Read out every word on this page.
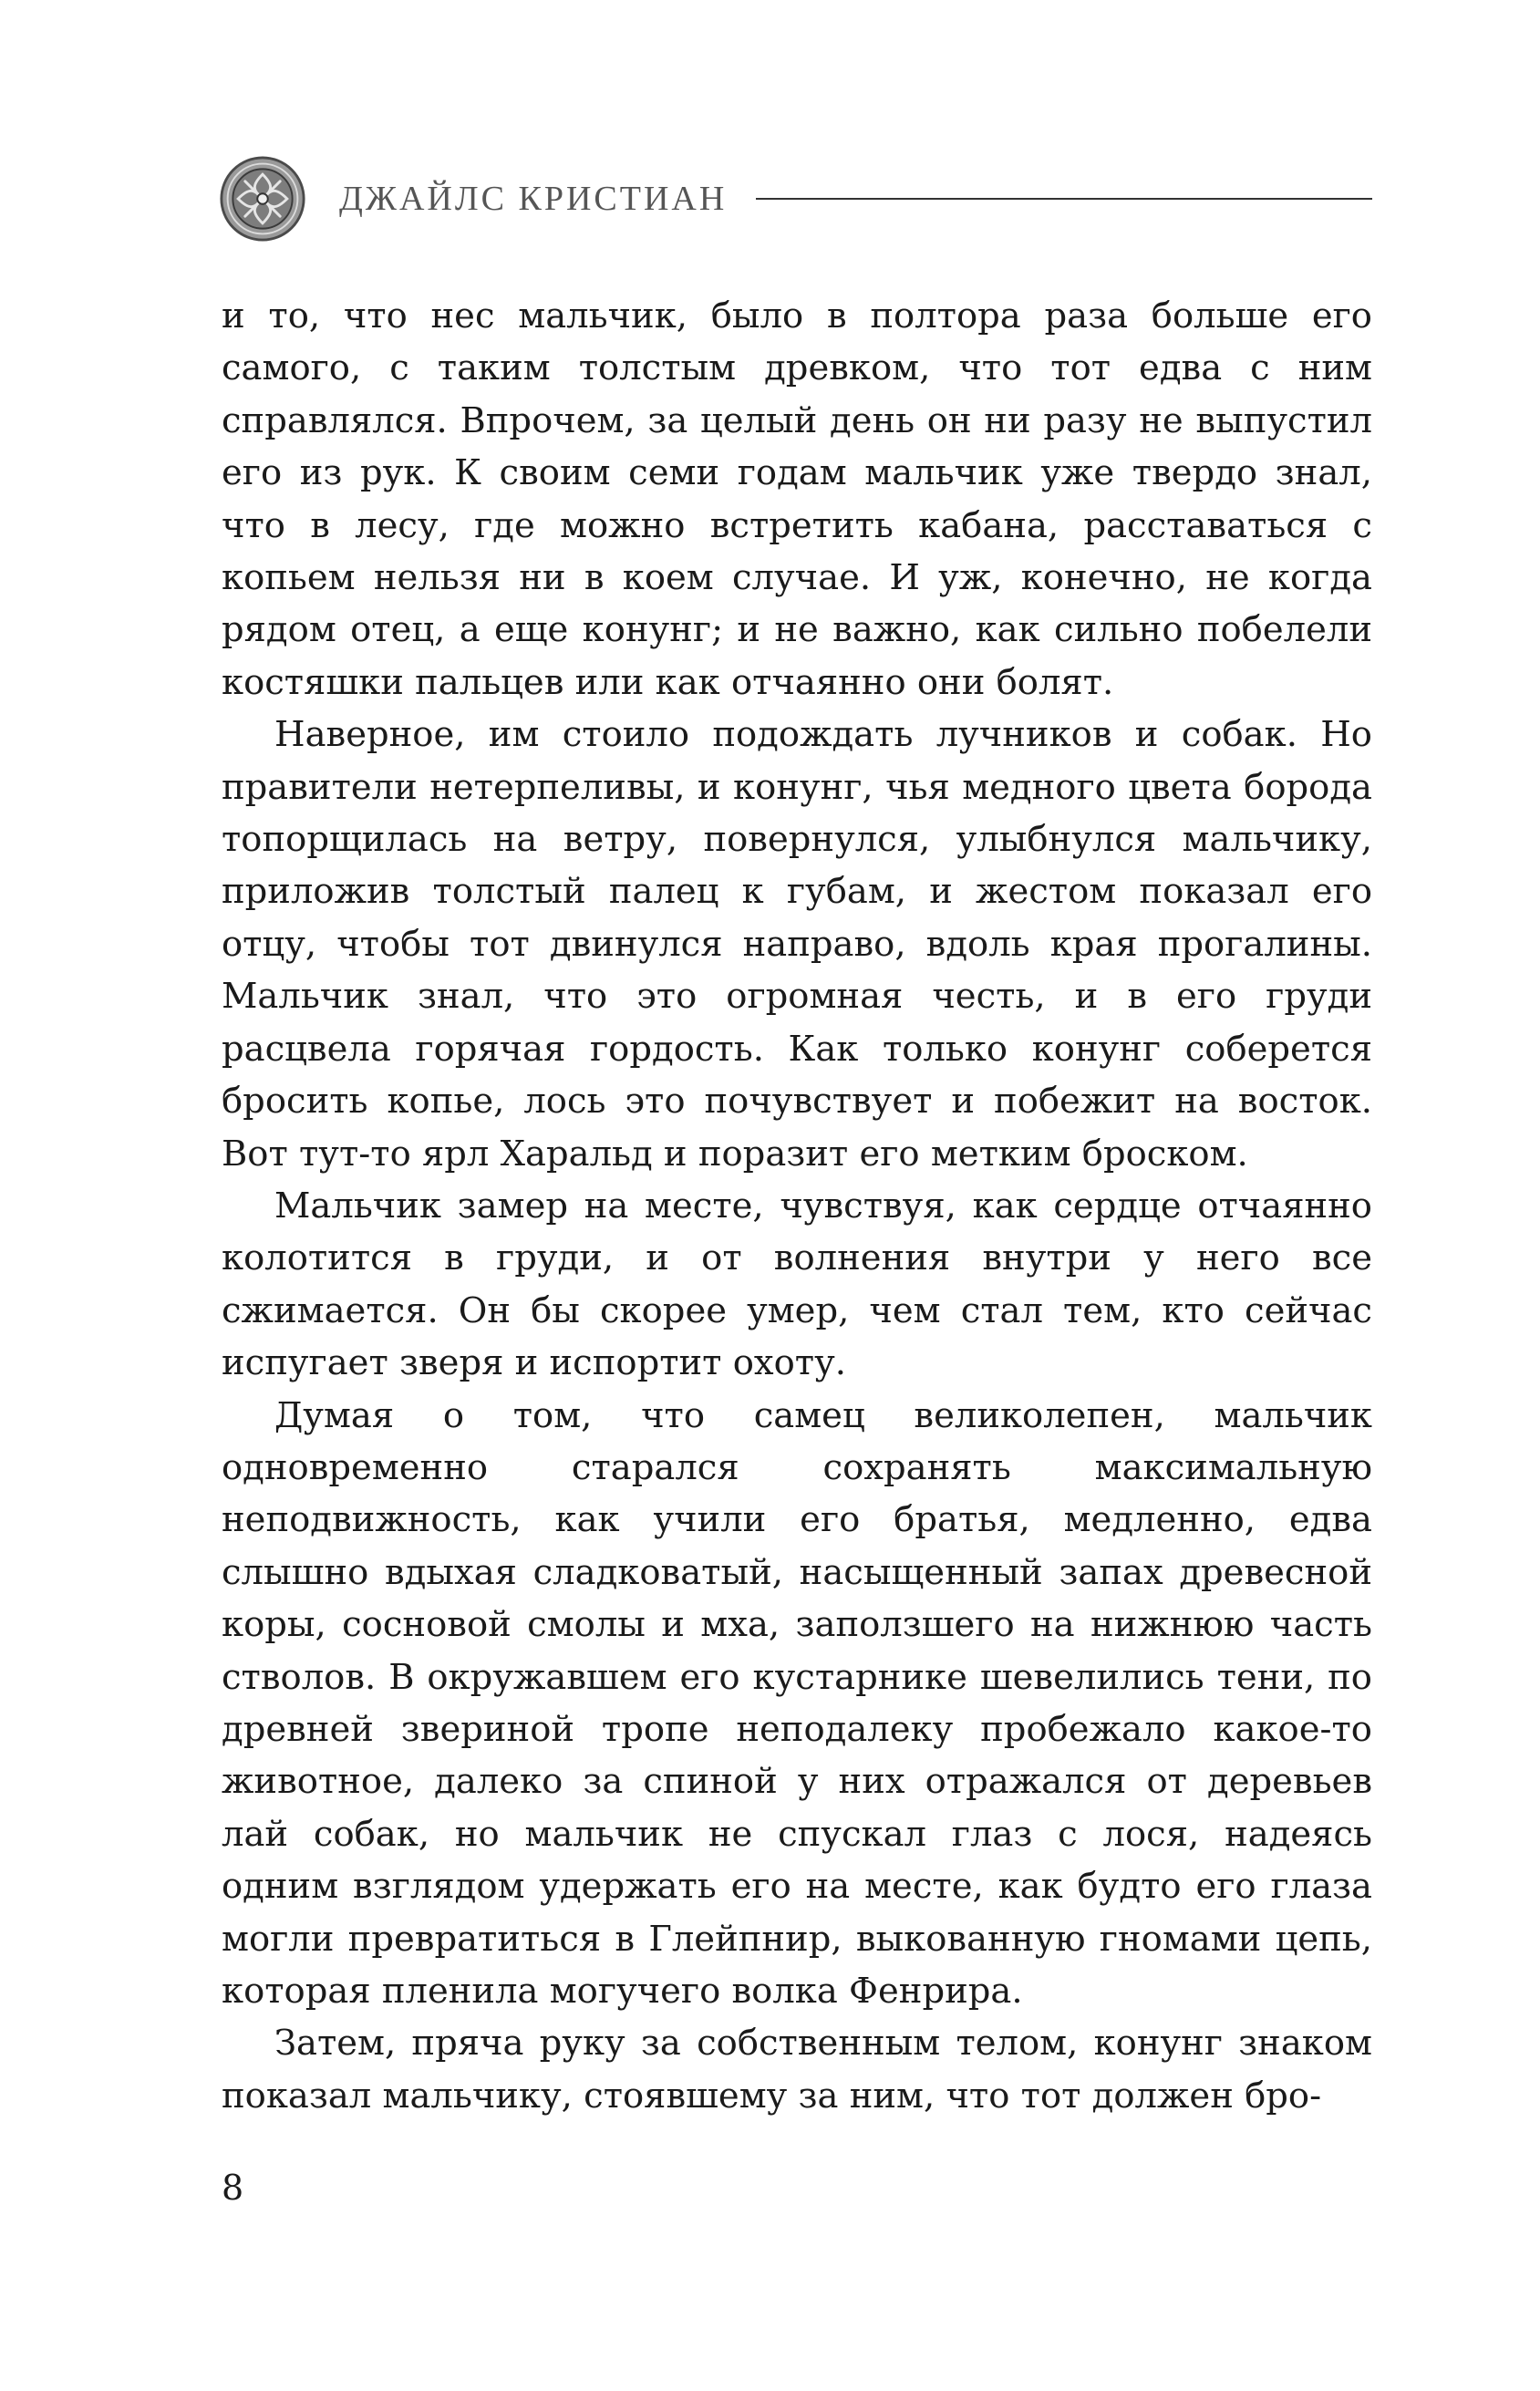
ДЖАЙЛС КРИСТИАН

и то, что нес мальчик, было в полтора раза больше его самого, с таким толстым древком, что тот едва с ним справлялся. Впрочем, за целый день он ни разу не выпустил его из рук. К своим семи годам мальчик уже твердо знал, что в лесу, где можно встретить кабана, расставаться с копьем нельзя ни в коем случае. И уж, конечно, не когда рядом отец, а еще конунг; и не важно, как сильно побелели костяшки пальцев или как отчаянно они болят.

Наверное, им стоило подождать лучников и собак. Но правители нетерпеливы, и конунг, чья медного цвета борода топорщилась на ветру, повернулся, улыбнулся мальчику, приложив толстый палец к губам, и жестом показал его отцу, чтобы тот двинулся направо, вдоль края прогалины. Мальчик знал, что это огромная честь, и в его груди расцвела горячая гордость. Как только конунг соберется бросить копье, лось это почувствует и побежит на восток. Вот тут-то ярл Харальд и поразит его метким броском.

Мальчик замер на месте, чувствуя, как сердце отчаянно колотится в груди, и от волнения внутри у него все сжимается. Он бы скорее умер, чем стал тем, кто сейчас испугает зверя и испортит охоту.

Думая о том, что самец великолепен, мальчик одновременно старался сохранять максимальную неподвижность, как учили его братья, медленно, едва слышно вдыхая сладковатый, насыщенный запах древесной коры, сосновой смолы и мха, заползшего на нижнюю часть стволов. В окружавшем его кустарнике шевелились тени, по древней звериной тропе неподалеку пробежало какое-то животное, далеко за спиной у них отражался от деревьев лай собак, но мальчик не спускал глаз с лося, надеясь одним взглядом удержать его на месте, как будто его глаза могли превратиться в Глейпнир, выкованную гномами цепь, которая пленила могучего волка Фенрира.

Затем, пряча руку за собственным телом, конунг знаком показал мальчику, стоявшему за ним, что тот должен бро-

8
